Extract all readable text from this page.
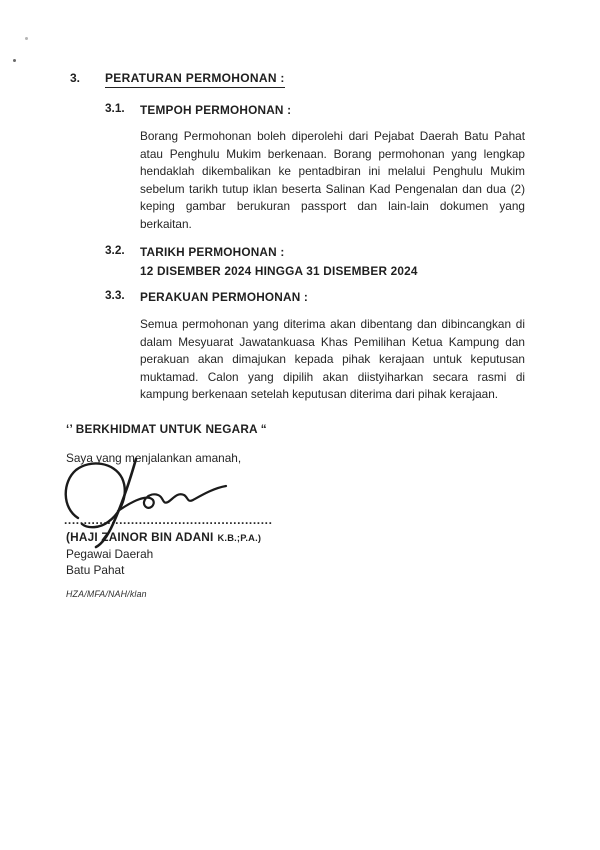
3.	PERATURAN PERMOHONAN :
3.1.	TEMPOH PERMOHONAN :

Borang Permohonan boleh diperolehi dari Pejabat Daerah Batu Pahat atau Penghulu Mukim berkenaan. Borang permohonan yang lengkap hendaklah dikembalikan ke pentadbiran ini melalui Penghulu Mukim sebelum tarikh tutup iklan beserta Salinan Kad Pengenalan dan dua (2) keping gambar berukuran passport dan lain-lain dokumen yang berkaitan.

3.2.	TARIKH PERMOHONAN :
12 DISEMBER 2024 HINGGA 31 DISEMBER 2024
3.3.	PERAKUAN PERMOHONAN :

Semua permohonan yang diterima akan dibentang dan dibincangkan di dalam Mesyuarat Jawatankuasa Khas Pemilihan Ketua Kampung dan perakuan akan dimajukan kepada pihak kerajaan untuk keputusan muktamad. Calon yang dipilih akan diistyiharkan secara rasmi di kampung berkenaan setelah keputusan diterima dari pihak kerajaan.

‘’ BERKHIDMAT UNTUK NEGARA “
Saya yang menjalankan amanah,
.....................................................
(HAJI ZAINOR BIN ADANI K.B.;P.A.)
Pegawai Daerah
Batu Pahat
HZA/MFA/NAH/klan
